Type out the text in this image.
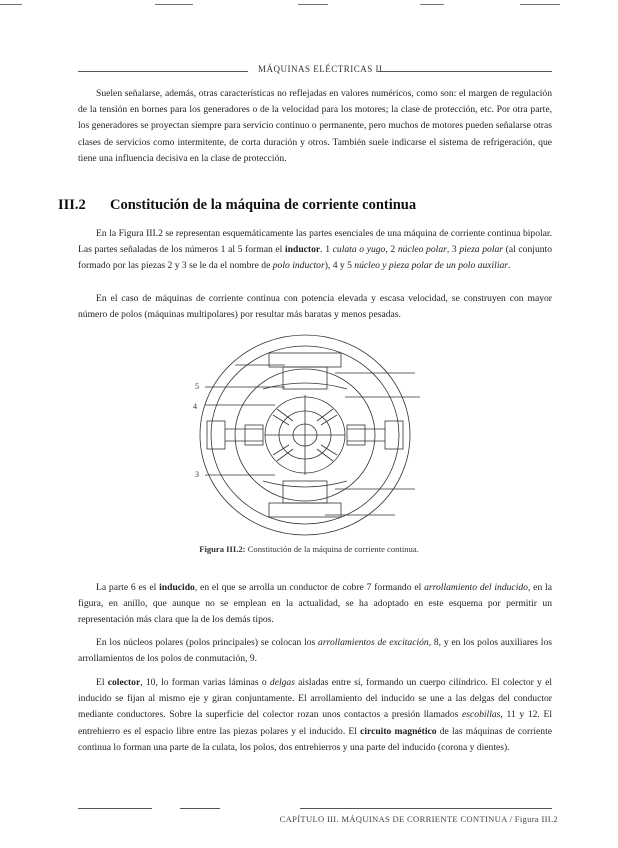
MÁQUINAS ELÉCTRICAS II

Suelen señalarse, además, otras características no reflejadas en valores numéricos, como son: el margen de regulación de la tensión en bornes para los generadores o de la velocidad para los motores; la clase de protección, etc. Por otra parte, los generadores se proyectan siempre para servicio continuo o permanente, pero muchos de motores pueden señalarse otras clases de servicios como intermitente, de corta duración y otros. También suele indicarse el sistema de refrigeración, que tiene una influencia decisiva en la clase de protección.

III.2 Constitución de la máquina de corriente continua

En la Figura III.2 se representan esquemáticamente las partes esenciales de una máquina de corriente continua bipolar. Las partes señaladas de los números 1 al 5 forman el inductor. 1 culata o yugo, 2 núcleo polar, 3 pieza polar (al conjunto formado por las piezas 2 y 3 se le da el nombre de polo inductor), 4 y 5 núcleo y pieza polar de un polo auxiliar.

En el caso de máquinas de corriente continua con potencia elevada y escasa velocidad, se construyen con mayor número de polos (máquinas multipolares) por resultar más baratas y menos pesadas.

5
4
3
Figura III.2: Constitución de la máquina de corriente continua.

La parte 6 es el inducido, en el que se arrolla un conductor de cobre 7 formando el arrollamiento del inducido, en la figura, en anillo, que aunque no se emplean en la actualidad, se ha adoptado en este esquema por permitir un representación más clara que la de los demás tipos.

En los núcleos polares (polos principales) se colocan los arrollamientos de excitación, 8, y en los polos auxiliares los arrollamientos de los polos de conmutación, 9.

El colector, 10, lo forman varias láminas o delgas aisladas entre sí, formando un cuerpo cilíndrico. El colector y el inducido se fijan al mismo eje y giran conjuntamente. El arrollamiento del inducido se une a las delgas del conductor mediante conductores. Sobre la superficie del colector rozan unos contactos a presión llamados escobillas, 11 y 12. El entrehierro es el espacio libre entre las piezas polares y el inducido. El circuito magnético de las máquinas de corriente continua lo forman una parte de la culata, los polos, dos entrehierros y una parte del inducido (corona y dientes).

CAPÍTULO III. MÁQUINAS DE CORRIENTE CONTINUA / Figura III.2
